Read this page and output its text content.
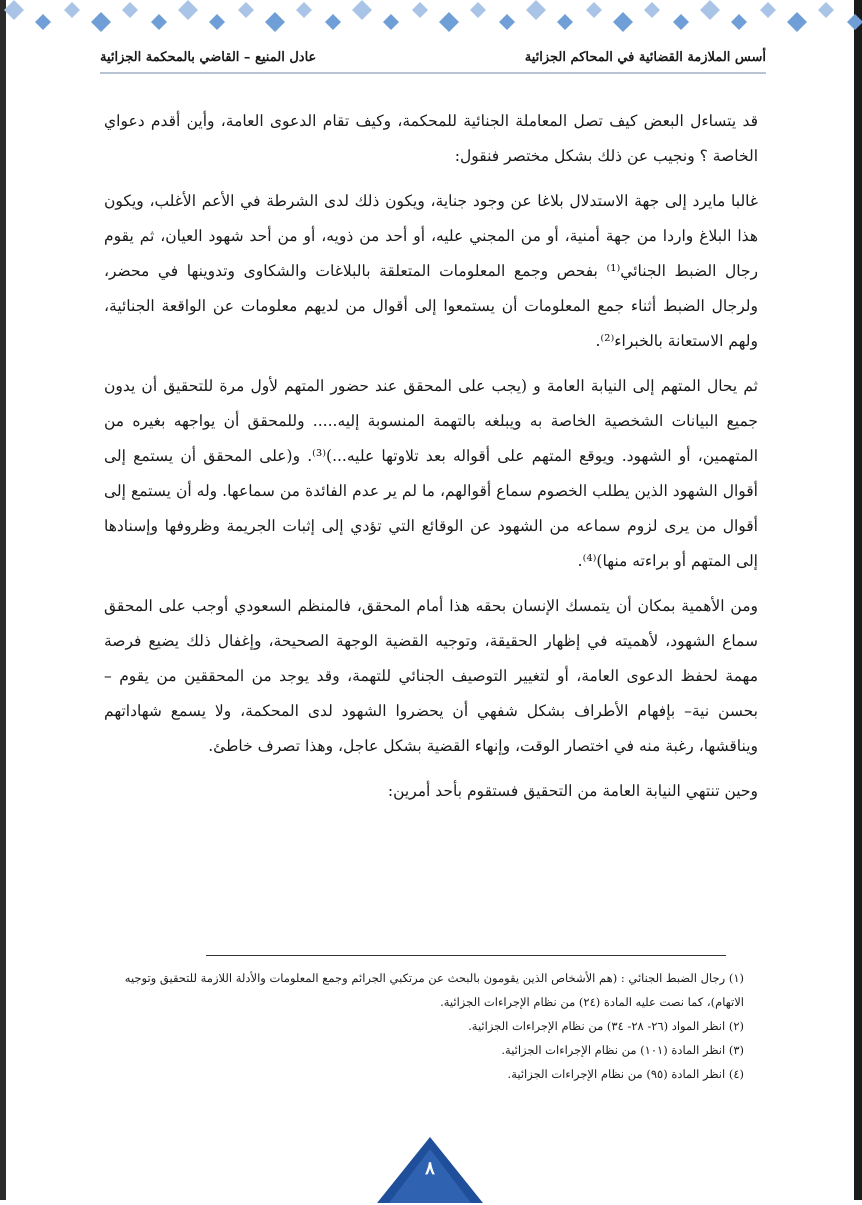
أسس الملازمة القضائية في المحاكم الجزائية
عادل المنيع – القاضي بالمحكمة الجزائية

قد يتساءل البعض كيف تصل المعاملة الجنائية للمحكمة، وكيف تقام الدعوى العامة، وأين أقدم دعواي الخاصة ؟ ونجيب عن ذلك بشكل مختصر فنقول:

غالبا مايرد إلى جهة الاستدلال بلاغا عن وجود جناية، ويكون ذلك لدى الشرطة في الأعم الأغلب، ويكون هذا البلاغ واردا من جهة أمنية، أو من المجني عليه، أو أحد من ذويه، أو من أحد شهود العيان، ثم يقوم رجال الضبط الجنائي⁽¹⁾ بفحص وجمع المعلومات المتعلقة بالبلاغات والشكاوى وتدوينها في محضر، ولرجال الضبط أثناء جمع المعلومات أن يستمعوا إلى أقوال من لديهم معلومات عن الواقعة الجنائية، ولهم الاستعانة بالخبراء⁽²⁾.

ثم يحال المتهم إلى النيابة العامة و (يجب على المحقق عند حضور المتهم لأول مرة للتحقيق أن يدون جميع البيانات الشخصية الخاصة به ويبلغه بالتهمة المنسوبة إليه..... وللمحقق أن يواجهه بغيره من المتهمين، أو الشهود. ويوقع المتهم على أقواله بعد تلاوتها عليه...)⁽³⁾. و(على المحقق أن يستمع إلى أقوال الشهود الذين يطلب الخصوم سماع أقوالهم، ما لم ير عدم الفائدة من سماعها. وله أن يستمع إلى أقوال من يرى لزوم سماعه من الشهود عن الوقائع التي تؤدي إلى إثبات الجريمة وظروفها وإسنادها إلى المتهم أو براءته منها)⁽⁴⁾.

ومن الأهمية بمكان أن يتمسك الإنسان بحقه هذا أمام المحقق، فالمنظم السعودي أوجب على المحقق سماع الشهود، لأهميته في إظهار الحقيقة، وتوجيه القضية الوجهة الصحيحة، وإغفال ذلك يضيع فرصة مهمة لحفظ الدعوى العامة، أو لتغيير التوصيف الجنائي للتهمة، وقد يوجد من المحققين من يقوم –بحسن نية– بإفهام الأطراف بشكل شفهي أن يحضروا الشهود لدى المحكمة، ولا يسمع شهاداتهم ويناقشها، رغبة منه في اختصار الوقت، وإنهاء القضية بشكل عاجل، وهذا تصرف خاطئ.

وحين تنتهي النيابة العامة من التحقيق فستقوم بأحد أمرين:

(١) رجال الضبط الجنائي : (هم الأشخاص الذين يقومون بالبحث عن مرتكبي الجرائم وجمع المعلومات والأدلة اللازمة للتحقيق وتوجيه الاتهام)، كما نصت عليه المادة (٢٤) من نظام الإجراءات الجزائية.

(٢) انظر المواد (٢٦- ٢٨- ٣٤) من نظام الإجراءات الجزائية.

(٣) انظر المادة (١٠١) من نظام الإجراءات الجزائية.

(٤) انظر المادة (٩٥) من نظام الإجراءات الجزائية.

٨
